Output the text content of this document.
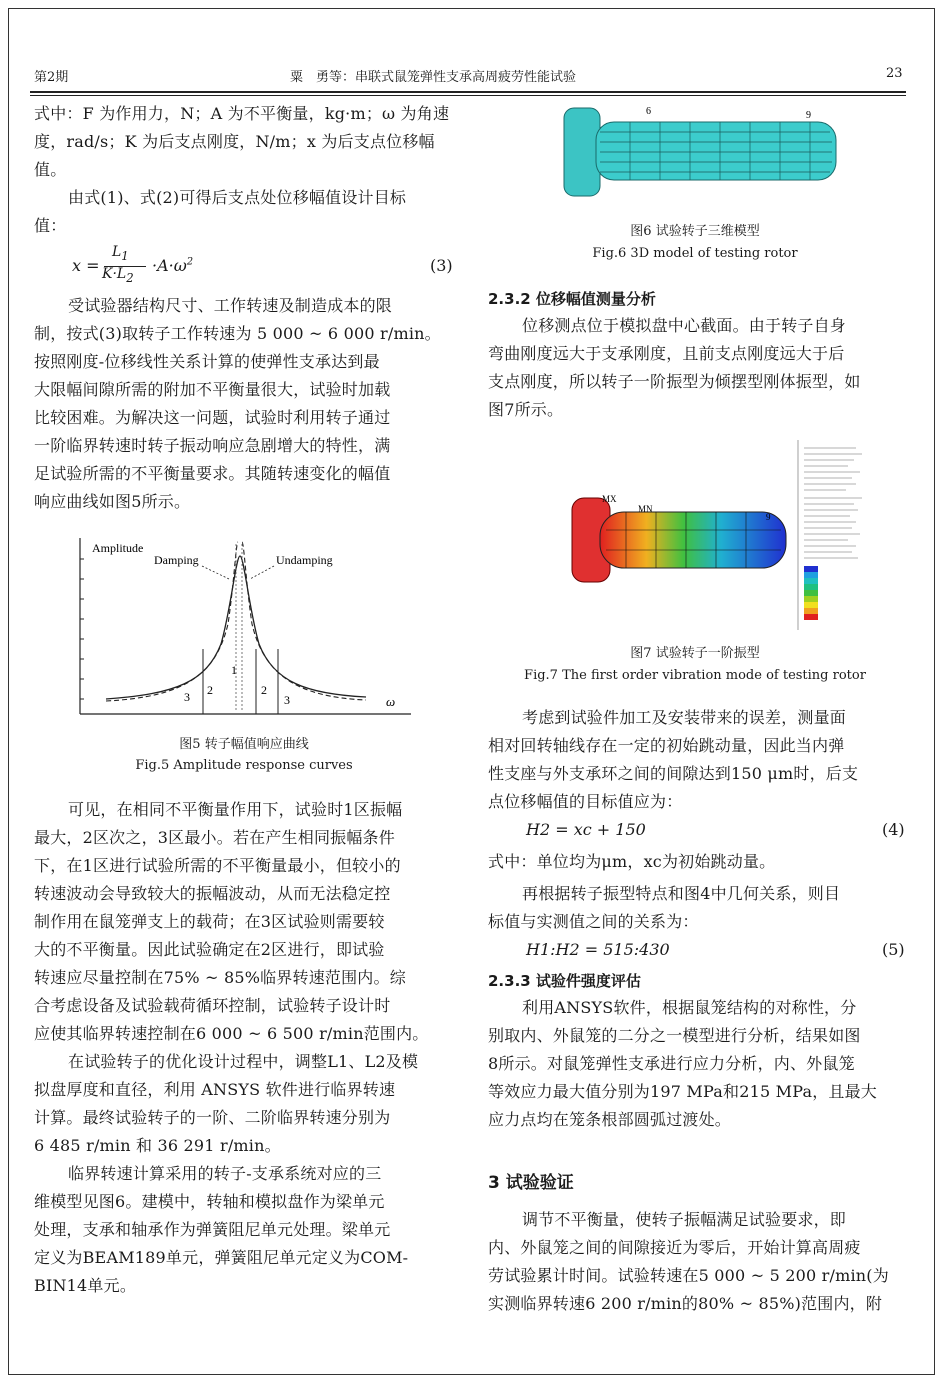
第2期	粟　勇等：串联式鼠笼弹性支承高周疲劳性能试验	23
式中：F 为作用力，N；A 为不平衡量，kg·m；ω 为角速
度，rad/s；K 为后支点刚度，N/m；x 为后支点位移幅
值。
由式(1)、式(2)可得后支点处位移幅值设计目标
值：
x =
$L_1$
$K\cdot L_2$
$\cdot A\cdot\omega^2$	(3)
受试验器结构尺寸、工作转速及制造成本的限
制，按式(3)取转子工作转速为 5 000 ~ 6 000 r/min。
按照刚度-位移线性关系计算的使弹性支承达到最
大限幅间隙所需的附加不平衡量很大，试验时加载
比较困难。为解决这一问题，试验时利用转子通过
一阶临界转速时转子振动响应急剧增大的特性，满
足试验所需的不平衡量要求。其随转速变化的幅值
响应曲线如图5所示。
Amplitude
Damping	Undamping
3 2
1
2
3	ω
图5 转子幅值响应曲线
Fig.5 Amplitude response curves
可见，在相同不平衡量作用下，试验时1区振幅
最大，2区次之，3区最小。若在产生相同振幅条件
下，在1区进行试验所需的不平衡量最小，但较小的
转速波动会导致较大的振幅波动，从而无法稳定控
制作用在鼠笼弹支上的载荷；在3区试验则需要较
大的不平衡量。因此试验确定在2区进行，即试验
转速应尽量控制在75% ~ 85%临界转速范围内。综
合考虑设备及试验载荷循环控制，试验转子设计时
应使其临界转速控制在6 000 ~ 6 500 r/min范围内。
在试验转子的优化设计过程中，调整L1、L2及模
拟盘厚度和直径，利用 ANSYS 软件进行临界转速
计算。最终试验转子的一阶、二阶临界转速分别为
6 485 r/min 和 36 291 r/min。
临界转速计算采用的转子-支承系统对应的三
维模型见图6。建模中，转轴和模拟盘作为梁单元
处理，支承和轴承作为弹簧阻尼单元处理。梁单元
定义为BEAM189单元，弹簧阻尼单元定义为COM-
BIN14单元。
6	9
图6 试验转子三维模型
Fig.6 3D model of testing rotor
2.3.2 位移幅值测量分析
位移测点位于模拟盘中心截面。由于转子自身
弯曲刚度远大于支承刚度，且前支点刚度远大于后
支点刚度，所以转子一阶振型为倾摆型刚体振型，如
图7所示。
MX
MN
9
图7 试验转子一阶振型
Fig.7 The first order vibration mode of testing rotor
考虑到试验件加工及安装带来的误差，测量面
相对回转轴线存在一定的初始跳动量，因此当内弹
性支座与外支承环之间的间隙达到150 μm时，后支
点位移幅值的目标值应为：
H2 = xc + 150	(4)
式中：单位均为μm，xc为初始跳动量。
再根据转子振型特点和图4中几何关系，则目
标值与实测值之间的关系为：
H1:H2 = 515:430	(5)
2.3.3 试验件强度评估
利用ANSYS软件，根据鼠笼结构的对称性，分
别取内、外鼠笼的二分之一模型进行分析，结果如图
8所示。对鼠笼弹性支承进行应力分析，内、外鼠笼
等效应力最大值分别为197 MPa和215 MPa，且最大
应力点均在笼条根部圆弧过渡处。
3 试验验证
调节不平衡量，使转子振幅满足试验要求，即
内、外鼠笼之间的间隙接近为零后，开始计算高周疲
劳试验累计时间。试验转速在5 000 ~ 5 200 r/min(为
实测临界转速6 200 r/min的80% ~ 85%)范围内，附
